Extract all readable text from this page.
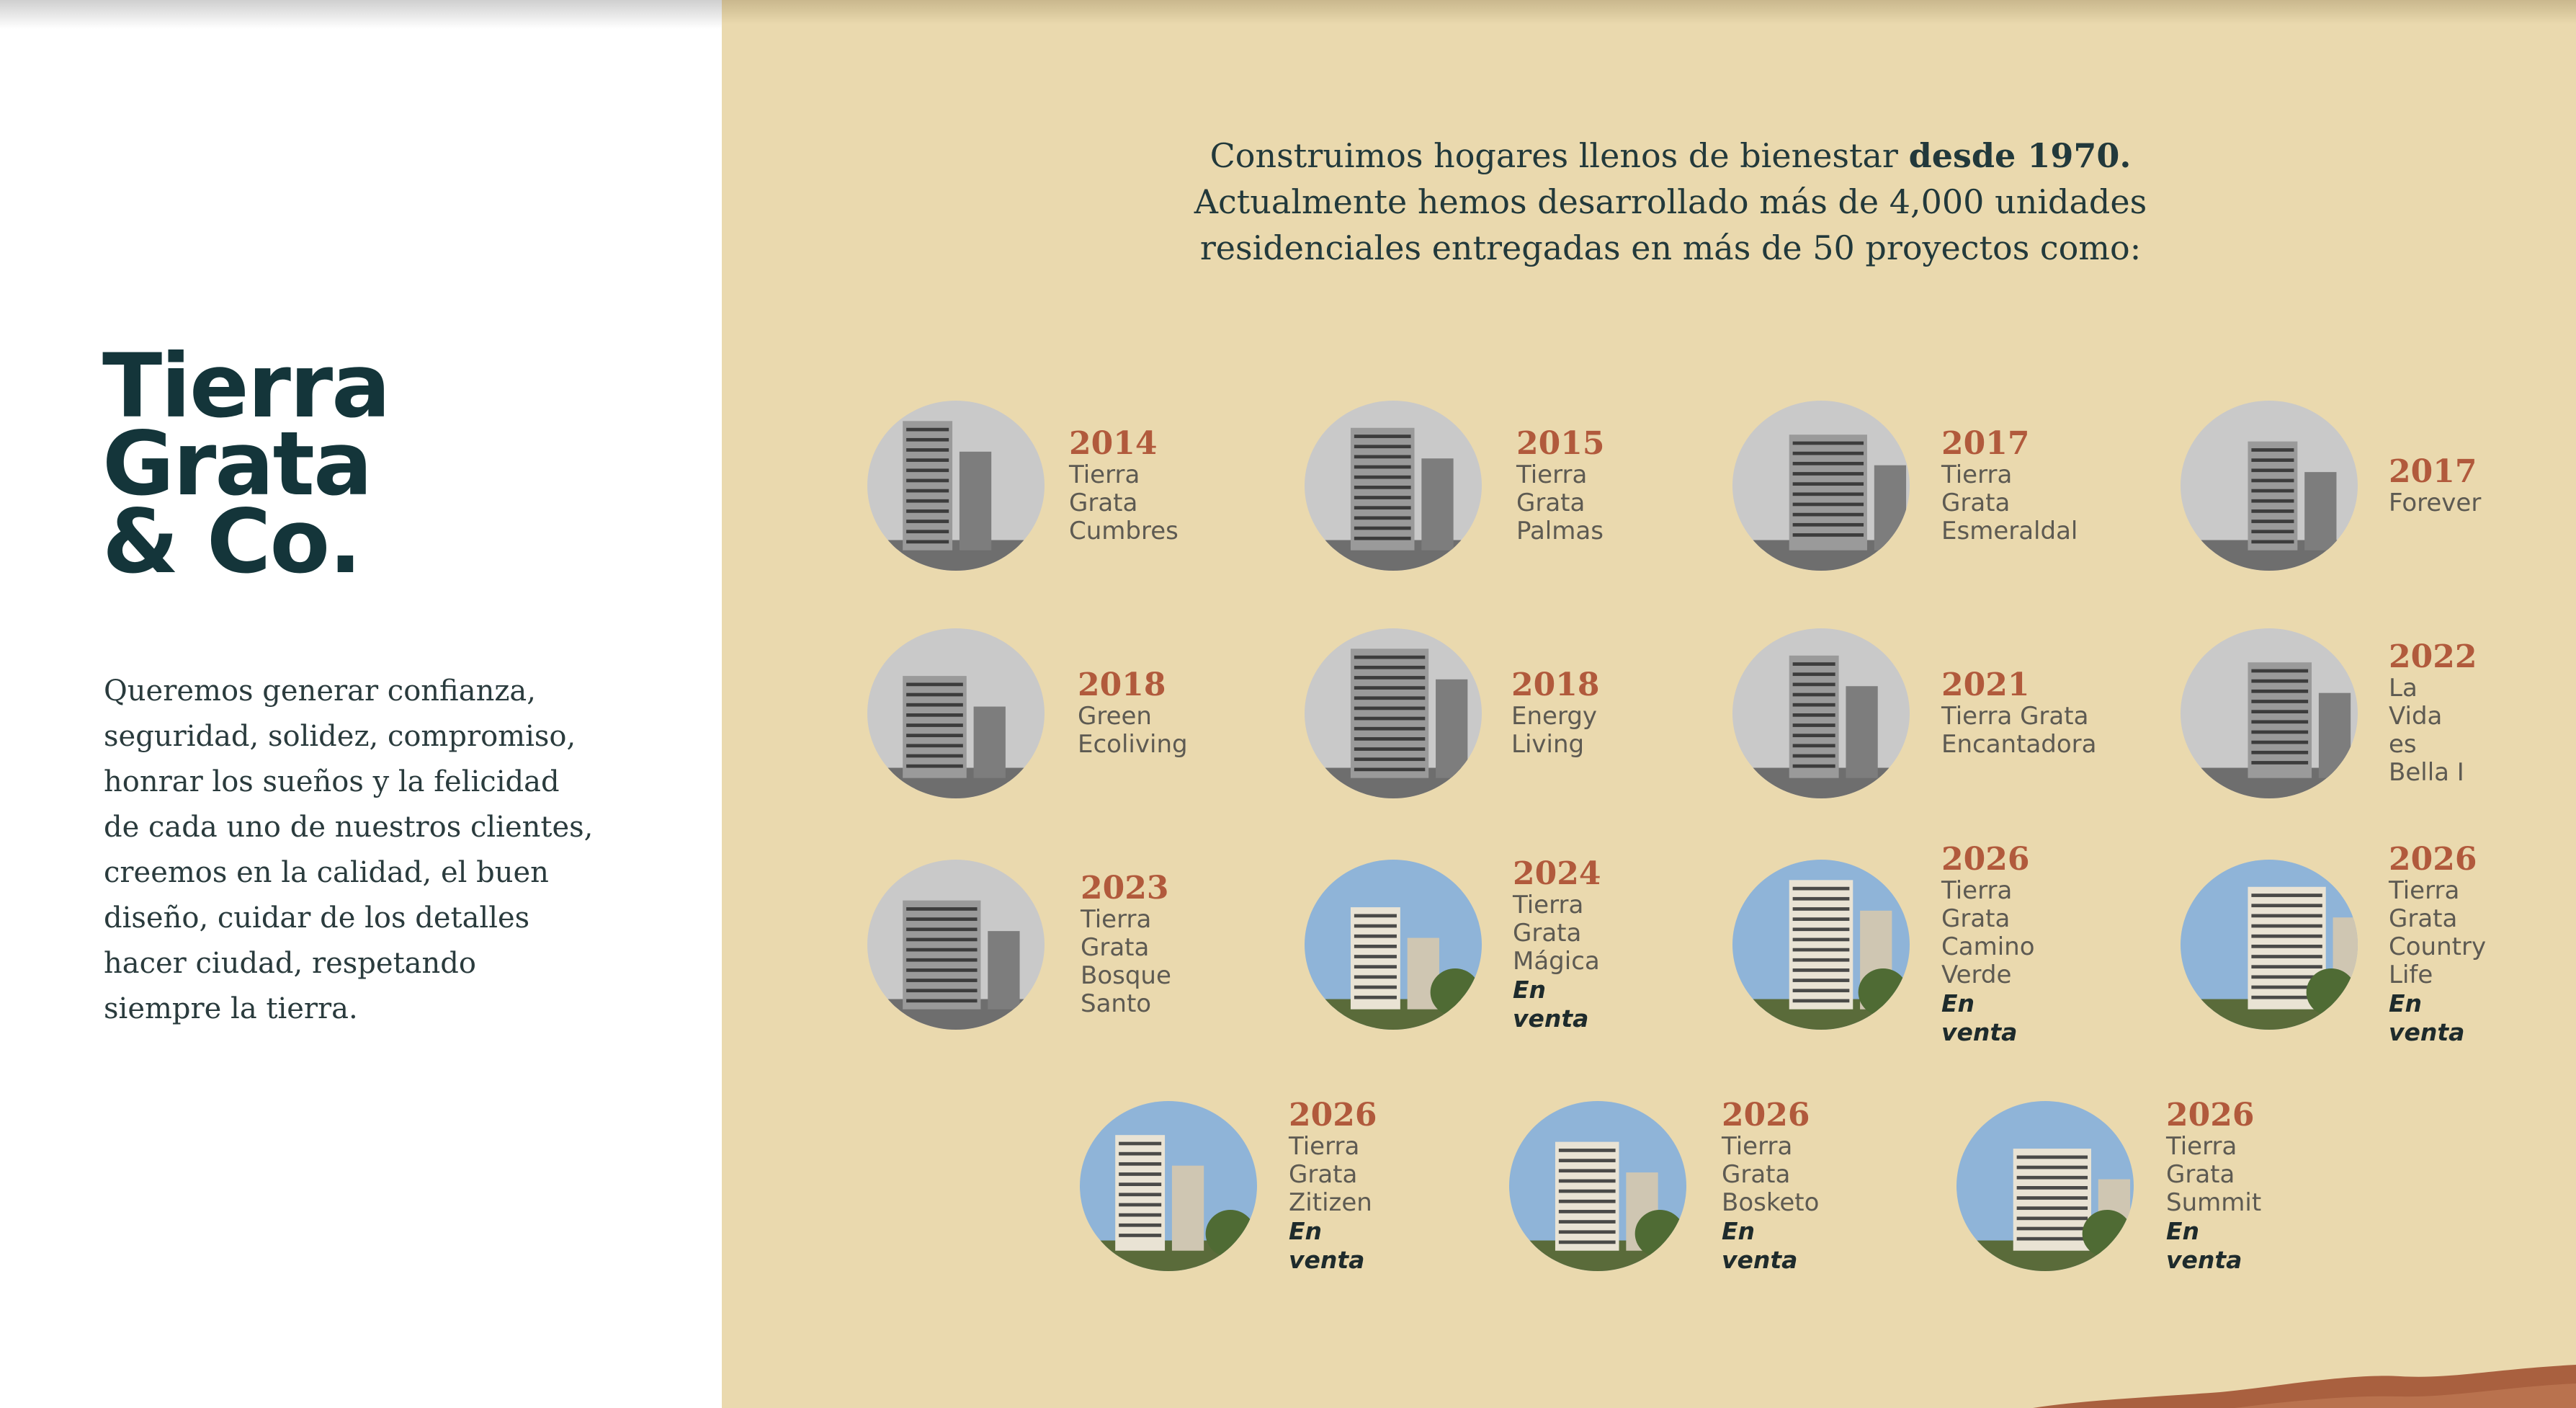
Tierra
Grata
& Co.
Queremos generar confianza,
seguridad, solidez, compromiso,
honrar los sueños y la felicidad
de cada uno de nuestros clientes,
creemos en la calidad, el buen
diseño, cuidar de los detalles
hacer ciudad, respetando
siempre la tierra.
Construimos hogares llenos de bienestar desde 1970.
Actualmente hemos desarrollado más de 4,000 unidades
residenciales entregadas en más de 50 proyectos como:
2014
Tierra Grata
Cumbres
2015
Tierra Grata
Palmas
2017
Tierra Grata
Esmeraldal
2017
Forever
2018
Green
Ecoliving
2018
Energy
Living
2021
Tierra Grata
Encantadora
2022
La Vida es
Bella I
2023
Tierra Grata
Bosque Santo
2024
Tierra Grata
Mágica
En venta
2026
Tierra Grata
Camino Verde
En venta
2026
Tierra Grata
Country Life
En venta
2026
Tierra Grata
Zitizen
En venta
2026
Tierra Grata
Bosketo
En venta
2026
Tierra Grata
Summit
En venta
